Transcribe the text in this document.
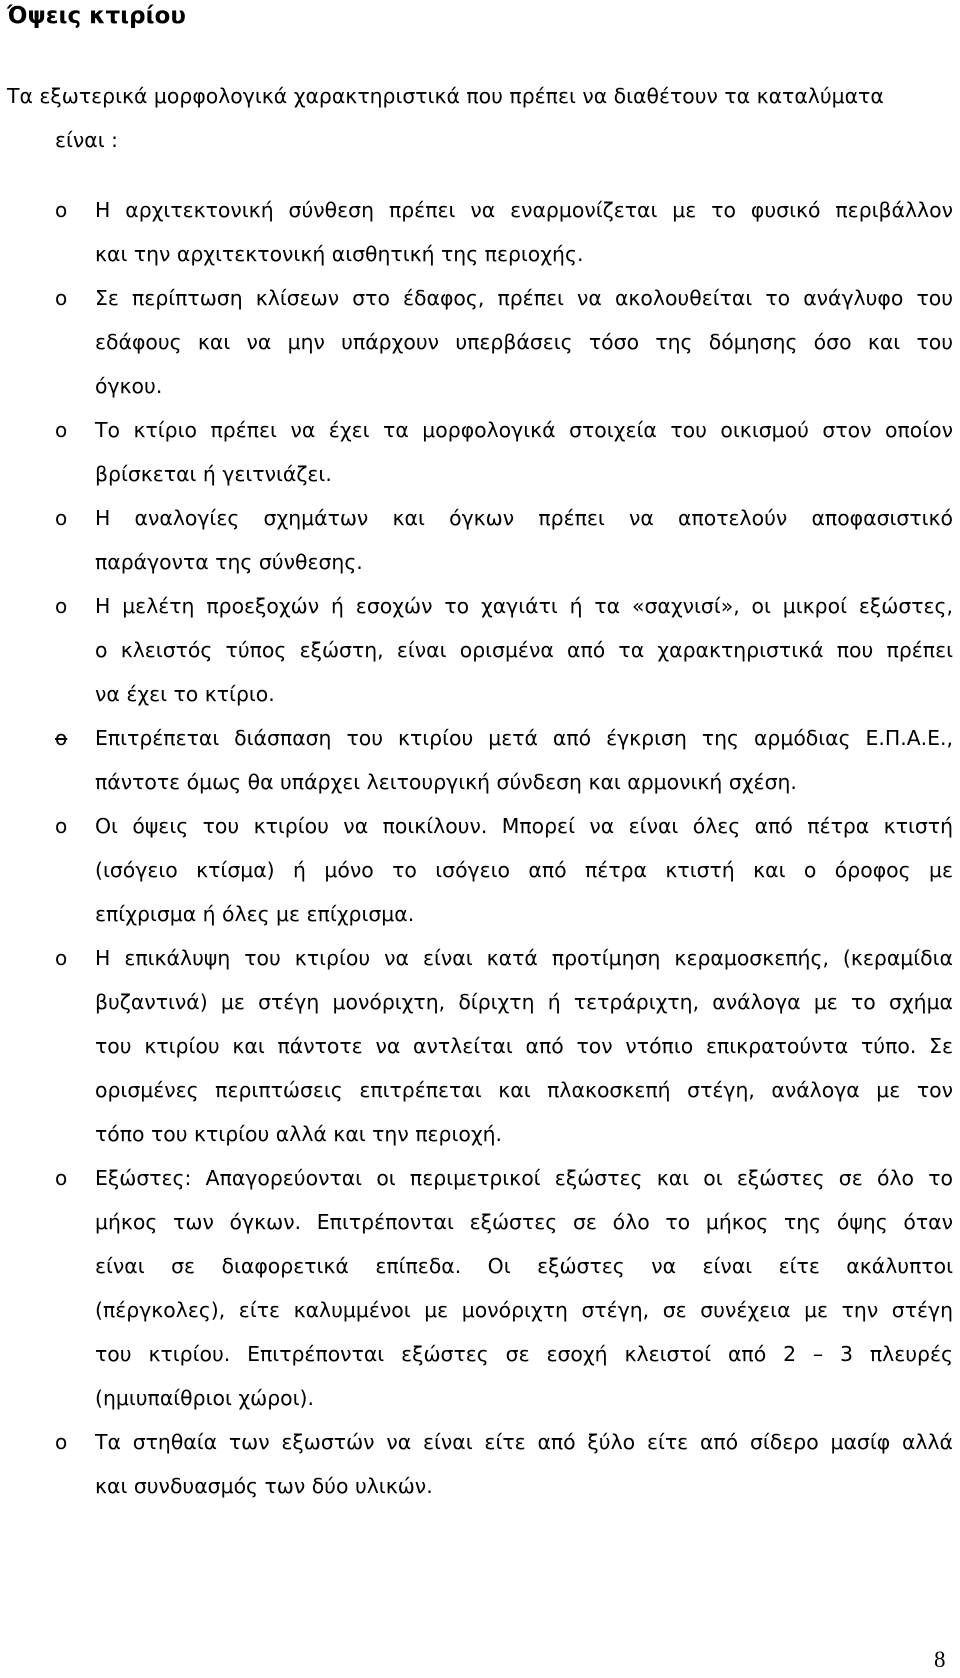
Όψεις κτιρίου

Τα εξωτερικά μορφολογικά χαρακτηριστικά που πρέπει να διαθέτουν τα καταλύματα
είναι :

o Η αρχιτεκτονική σύνθεση πρέπει να εναρμονίζεται με το φυσικό περιβάλλον
και την αρχιτεκτονική αισθητική της περιοχής.

o Σε περίπτωση κλίσεων στο έδαφος, πρέπει να ακολουθείται το ανάγλυφο του
εδάφους και να μην υπάρχουν υπερβάσεις τόσο της δόμησης όσο και του
όγκου.

o Το κτίριο πρέπει να έχει τα μορφολογικά στοιχεία του οικισμού στον οποίον
βρίσκεται ή γειτνιάζει.

o Η αναλογίες σχημάτων και όγκων πρέπει να αποτελούν αποφασιστικό
παράγοντα της σύνθεσης.

o Η μελέτη προεξοχών ή εσοχών το χαγιάτι ή τα «σαχνισί», οι μικροί εξώστες,
ο κλειστός τύπος εξώστη, είναι ορισμένα από τα χαρακτηριστικά που πρέπει
να έχει το κτίριο.

o Επιτρέπεται διάσπαση του κτιρίου μετά από έγκριση της αρμόδιας Ε.Π.Α.Ε.,
πάντοτε όμως θα υπάρχει λειτουργική σύνδεση και αρμονική σχέση.

o Οι όψεις του κτιρίου να ποικίλουν. Μπορεί να είναι όλες από πέτρα κτιστή
(ισόγειο κτίσμα) ή μόνο το ισόγειο από πέτρα κτιστή και ο όροφος με
επίχρισμα ή όλες με επίχρισμα.

o Η επικάλυψη του κτιρίου να είναι κατά προτίμηση κεραμοσκεπής, (κεραμίδια
βυζαντινά) με στέγη μονόριχτη, δίριχτη ή τετράριχτη, ανάλογα με το σχήμα
του κτιρίου και πάντοτε να αντλείται από τον ντόπιο επικρατούντα τύπο. Σε
ορισμένες περιπτώσεις επιτρέπεται και πλακοσκεπή στέγη, ανάλογα με τον
τόπο του κτιρίου αλλά και την περιοχή.

o Εξώστες: Απαγορεύονται οι περιμετρικοί εξώστες και οι εξώστες σε όλο το
μήκος των όγκων. Επιτρέπονται εξώστες σε όλο το μήκος της όψης όταν
είναι σε διαφορετικά επίπεδα. Οι εξώστες να είναι είτε ακάλυπτοι
(πέργκολες), είτε καλυμμένοι με μονόριχτη στέγη, σε συνέχεια με την στέγη
του κτιρίου. Επιτρέπονται εξώστες σε εσοχή κλειστοί από 2 – 3 πλευρές
(ημιυπαίθριοι χώροι).

o Τα στηθαία των εξωστών να είναι είτε από ξύλο είτε από σίδερο μασίφ αλλά
και συνδυασμός των δύο υλικών.

8
